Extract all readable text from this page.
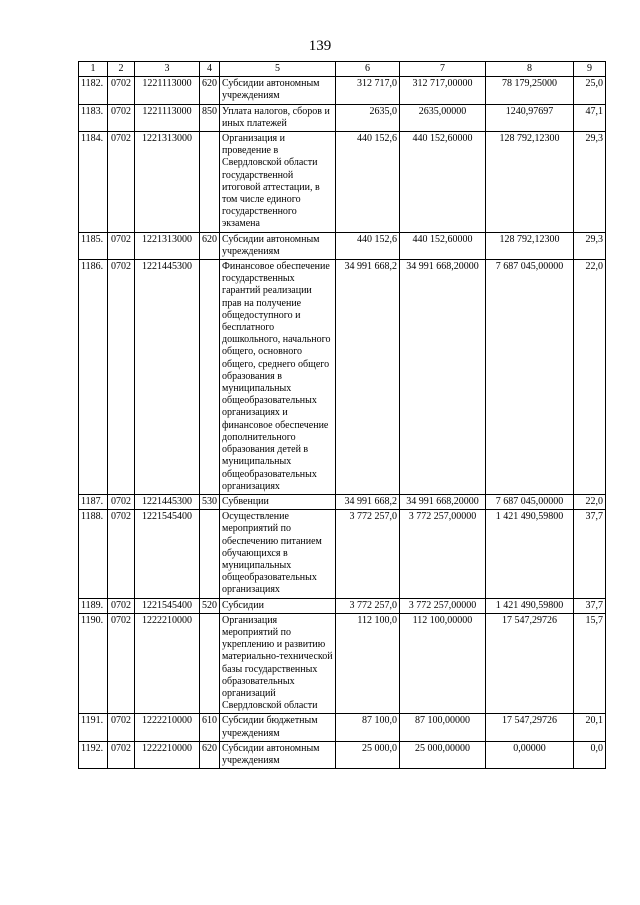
139
1	2	3	4	5	6	7	8	9
1182.	0702	1221113000	620	Субсидии автономным учреждениям	312 717,0	312 717,00000	78 179,25000	25,0
1183.	0702	1221113000	850	Уплата налогов, сборов и иных платежей	2635,0	2635,00000	1240,97697	47,1
1184.	0702	1221313000		Организация и проведение в Свердловской области государственной итоговой аттестации, в том числе единого государственного экзамена	440 152,6	440 152,60000	128 792,12300	29,3
1185.	0702	1221313000	620	Субсидии автономным учреждениям	440 152,6	440 152,60000	128 792,12300	29,3
1186.	0702	1221445300		Финансовое обеспечение государственных гарантий реализации прав на получение общедоступного и бесплатного дошкольного, начального общего, основного общего, среднего общего образования в муниципальных общеобразовательных организациях и финансовое обеспечение дополнительного образования детей в муниципальных общеобразовательных организациях	34 991 668,2	34 991 668,20000	7 687 045,00000	22,0
1187.	0702	1221445300	530	Субвенции	34 991 668,2	34 991 668,20000	7 687 045,00000	22,0
1188.	0702	1221545400		Осуществление мероприятий по обеспечению питанием обучающихся в муниципальных общеобразовательных организациях	3 772 257,0	3 772 257,00000	1 421 490,59800	37,7
1189.	0702	1221545400	520	Субсидии	3 772 257,0	3 772 257,00000	1 421 490,59800	37,7
1190.	0702	1222210000		Организация мероприятий по укреплению и развитию материально-технической базы государственных образовательных организаций Свердловской области	112 100,0	112 100,00000	17 547,29726	15,7
1191.	0702	1222210000	610	Субсидии бюджетным учреждениям	87 100,0	87 100,00000	17 547,29726	20,1
1192.	0702	1222210000	620	Субсидии автономным учреждениям	25 000,0	25 000,00000	0,00000	0,0
